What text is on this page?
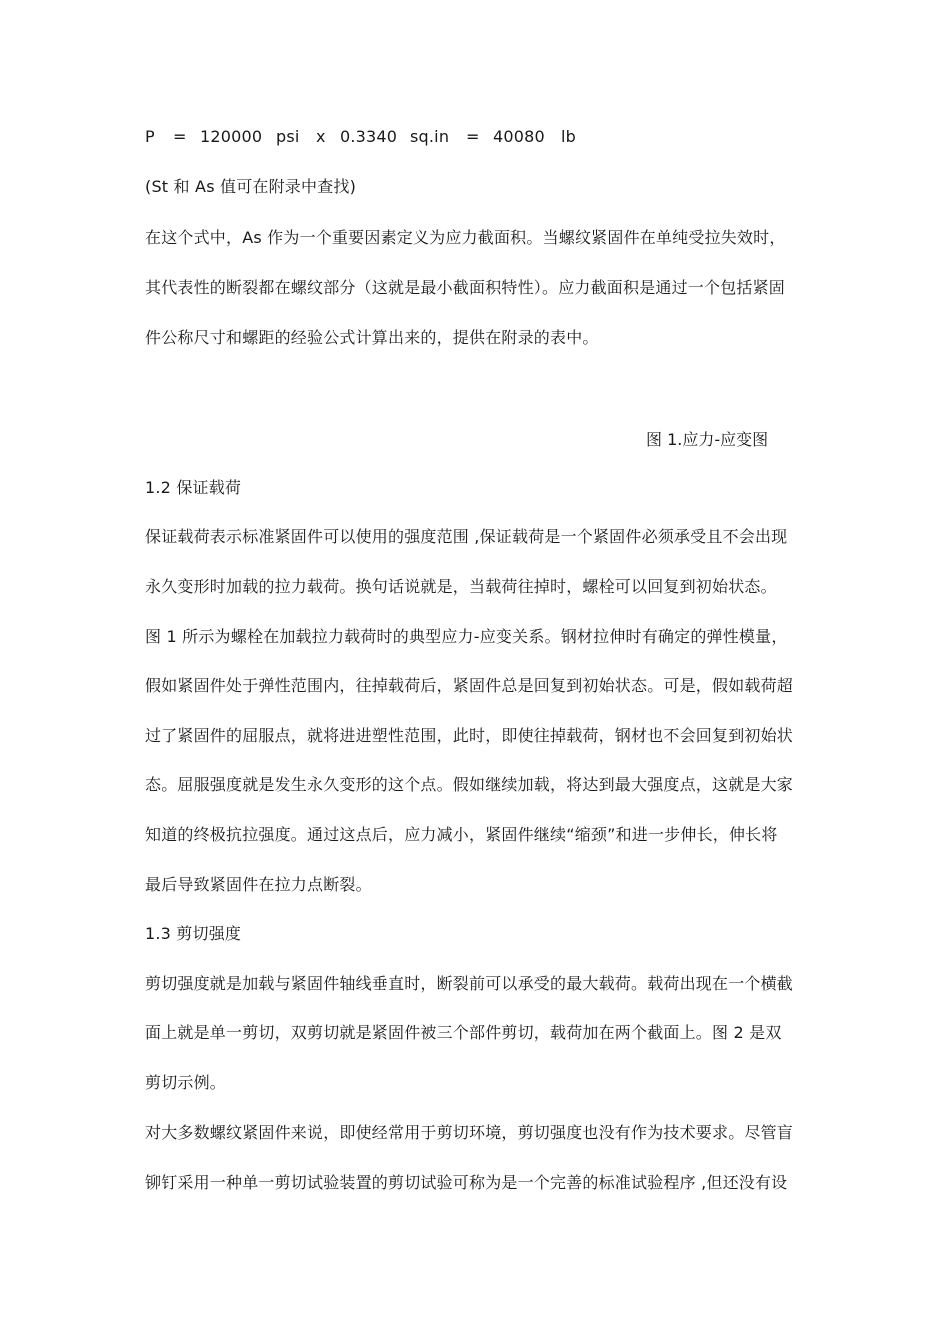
P = 120000 psi x 0.3340 sq.in = 40080 lb
(St 和 As 值可在附录中查找)
在这个式中，As 作为一个重要因素定义为应力截面积。当螺纹紧固件在单纯受拉失效时，
其代表性的断裂都在螺纹部分（这就是最小截面积特性）。应力截面积是通过一个包括紧固
件公称尺寸和螺距的经验公式计算出来的，提供在附录的表中。
图 1.应力-应变图
1.2 保证载荷
保证载荷表示标准紧固件可以使用的强度范围 ,保证载荷是一个紧固件必须承受且不会出现
永久变形时加载的拉力载荷。换句话说就是，当载荷往掉时，螺栓可以回复到初始状态。
图 1 所示为螺栓在加载拉力载荷时的典型应力-应变关系。钢材拉伸时有确定的弹性模量，
假如紧固件处于弹性范围内，往掉载荷后，紧固件总是回复到初始状态。可是，假如载荷超
过了紧固件的屈服点，就将进进塑性范围，此时，即使往掉载荷，钢材也不会回复到初始状
态。屈服强度就是发生永久变形的这个点。假如继续加载，将达到最大强度点，这就是大家
知道的终极抗拉强度。通过这点后，应力减小，紧固件继续“缩颈”和进一步伸长，伸长将
最后导致紧固件在拉力点断裂。
1.3 剪切强度
剪切强度就是加载与紧固件轴线垂直时，断裂前可以承受的最大载荷。载荷出现在一个横截
面上就是单一剪切，双剪切就是紧固件被三个部件剪切，载荷加在两个截面上。图 2 是双
剪切示例。
对大多数螺纹紧固件来说，即使经常用于剪切环境，剪切强度也没有作为技术要求。尽管盲
铆钉采用一种单一剪切试验装置的剪切试验可称为是一个完善的标准试验程序 ,但还没有设
